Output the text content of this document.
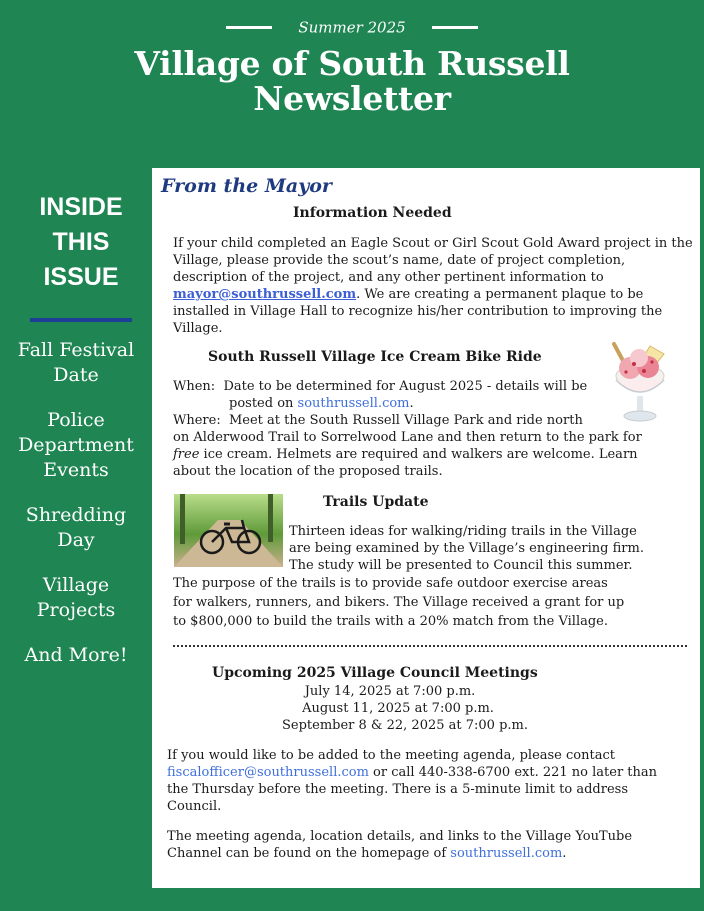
Summer 2025
Village of South Russell
Newsletter
INSIDE
THIS
ISSUE
Fall Festival
Date
Police
Department
Events
Shredding
Day
Village
Projects
And More!
From the Mayor
Information Needed
If your child completed an Eagle Scout or Girl Scout Gold Award project in the Village, please provide the scout’s name, date of project completion, description of the project, and any other pertinent information to mayor@southrussell.com. We are creating a permanent plaque to be installed in Village Hall to recognize his/her contribution to improving the Village.
South Russell Village Ice Cream Bike Ride
When: Date to be determined for August 2025 - details will be
posted on southrussell.com.
Where: Meet at the South Russell Village Park and ride north
on Alderwood Trail to Sorrelwood Lane and then return to the park for
free ice cream. Helmets are required and walkers are welcome. Learn
about the location of the proposed trails.
Trails Update
Thirteen ideas for walking/riding trails in the Village
are being examined by the Village’s engineering firm.
The study will be presented to Council this summer.
The purpose of the trails is to provide safe outdoor exercise areas
for walkers, runners, and bikers. The Village received a grant for up
to $800,000 to build the trails with a 20% match from the Village.
Upcoming 2025 Village Council Meetings
July 14, 2025 at 7:00 p.m.
August 11, 2025 at 7:00 p.m.
September 8 & 22, 2025 at 7:00 p.m.
If you would like to be added to the meeting agenda, please contact
fiscalofficer@southrussell.com or call 440-338-6700 ext. 221 no later than
the Thursday before the meeting. There is a 5-minute limit to address
Council.
The meeting agenda, location details, and links to the Village YouTube
Channel can be found on the homepage of southrussell.com.
